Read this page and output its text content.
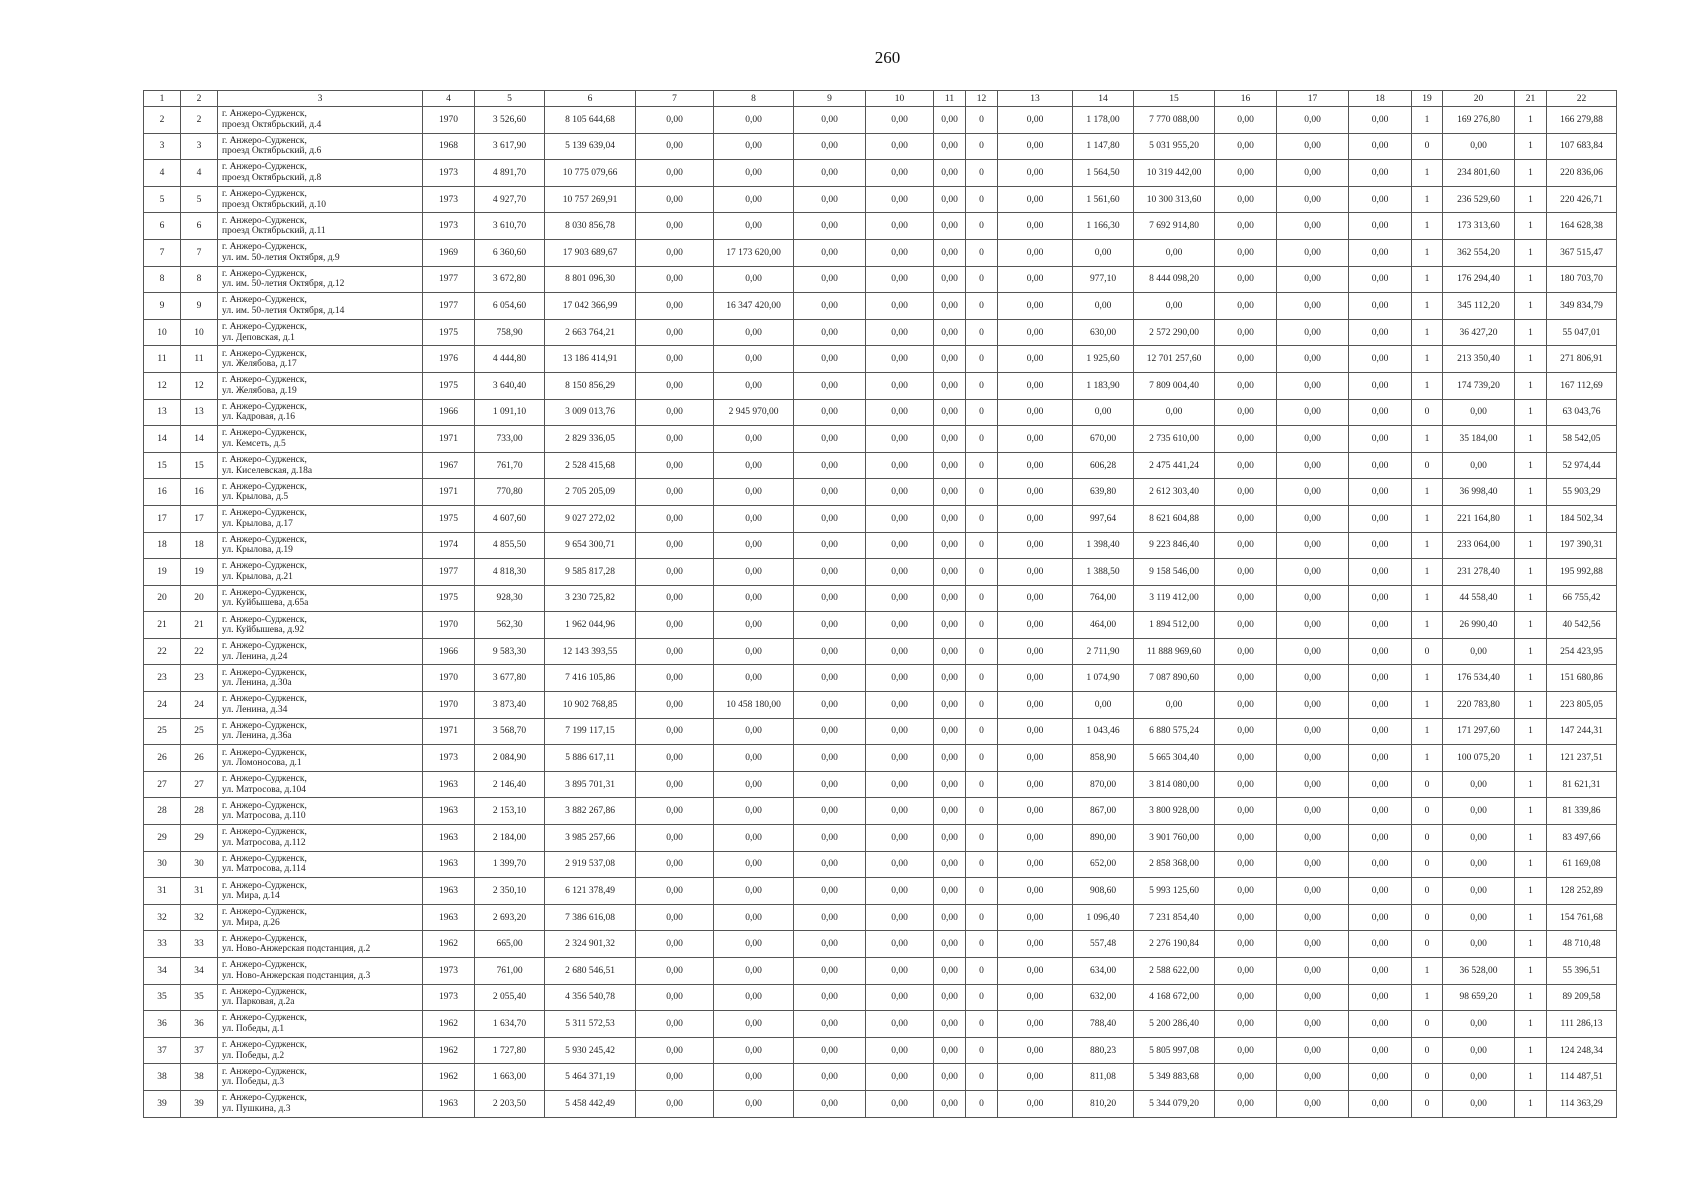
260
1	2	3	4	5	6	7	8	9	10	11	12	13	14	15	16	17	18	19	20	21	22
2	2	г. Анжеро-Судженск,
проезд Октябрьский, д.4	1970	3 526,60	8 105 644,68	0,00	0,00	0,00	0,00	0,00	0	0,00	1 178,00	7 770 088,00	0,00	0,00	0,00	1	169 276,80	1	166 279,88
3	3	г. Анжеро-Судженск,
проезд Октябрьский, д.6	1968	3 617,90	5 139 639,04	0,00	0,00	0,00	0,00	0,00	0	0,00	1 147,80	5 031 955,20	0,00	0,00	0,00	0	0,00	1	107 683,84
4	4	г. Анжеро-Судженск,
проезд Октябрьский, д.8	1973	4 891,70	10 775 079,66	0,00	0,00	0,00	0,00	0,00	0	0,00	1 564,50	10 319 442,00	0,00	0,00	0,00	1	234 801,60	1	220 836,06
5	5	г. Анжеро-Судженск,
проезд Октябрьский, д.10	1973	4 927,70	10 757 269,91	0,00	0,00	0,00	0,00	0,00	0	0,00	1 561,60	10 300 313,60	0,00	0,00	0,00	1	236 529,60	1	220 426,71
6	6	г. Анжеро-Судженск,
проезд Октябрьский, д.11	1973	3 610,70	8 030 856,78	0,00	0,00	0,00	0,00	0,00	0	0,00	1 166,30	7 692 914,80	0,00	0,00	0,00	1	173 313,60	1	164 628,38
7	7	г. Анжеро-Судженск,
ул. им. 50-летия Октября, д.9	1969	6 360,60	17 903 689,67	0,00	17 173 620,00	0,00	0,00	0,00	0	0,00	0,00	0,00	0,00	0,00	0,00	1	362 554,20	1	367 515,47
8	8	г. Анжеро-Судженск,
ул. им. 50-летия Октября, д.12	1977	3 672,80	8 801 096,30	0,00	0,00	0,00	0,00	0,00	0	0,00	977,10	8 444 098,20	0,00	0,00	0,00	1	176 294,40	1	180 703,70
9	9	г. Анжеро-Судженск,
ул. им. 50-летия Октября, д.14	1977	6 054,60	17 042 366,99	0,00	16 347 420,00	0,00	0,00	0,00	0	0,00	0,00	0,00	0,00	0,00	0,00	1	345 112,20	1	349 834,79
10	10	г. Анжеро-Судженск,
ул. Деповская, д.1	1975	758,90	2 663 764,21	0,00	0,00	0,00	0,00	0,00	0	0,00	630,00	2 572 290,00	0,00	0,00	0,00	1	36 427,20	1	55 047,01
11	11	г. Анжеро-Судженск,
ул. Желябова, д.17	1976	4 444,80	13 186 414,91	0,00	0,00	0,00	0,00	0,00	0	0,00	1 925,60	12 701 257,60	0,00	0,00	0,00	1	213 350,40	1	271 806,91
12	12	г. Анжеро-Судженск,
ул. Желябова, д.19	1975	3 640,40	8 150 856,29	0,00	0,00	0,00	0,00	0,00	0	0,00	1 183,90	7 809 004,40	0,00	0,00	0,00	1	174 739,20	1	167 112,69
13	13	г. Анжеро-Судженск,
ул. Кадровая, д.16	1966	1 091,10	3 009 013,76	0,00	2 945 970,00	0,00	0,00	0,00	0	0,00	0,00	0,00	0,00	0,00	0,00	0	0,00	1	63 043,76
14	14	г. Анжеро-Судженск,
ул. Кемсеть, д.5	1971	733,00	2 829 336,05	0,00	0,00	0,00	0,00	0,00	0	0,00	670,00	2 735 610,00	0,00	0,00	0,00	1	35 184,00	1	58 542,05
15	15	г. Анжеро-Судженск,
ул. Киселевская, д.18а	1967	761,70	2 528 415,68	0,00	0,00	0,00	0,00	0,00	0	0,00	606,28	2 475 441,24	0,00	0,00	0,00	0	0,00	1	52 974,44
16	16	г. Анжеро-Судженск,
ул. Крылова, д.5	1971	770,80	2 705 205,09	0,00	0,00	0,00	0,00	0,00	0	0,00	639,80	2 612 303,40	0,00	0,00	0,00	1	36 998,40	1	55 903,29
17	17	г. Анжеро-Судженск,
ул. Крылова, д.17	1975	4 607,60	9 027 272,02	0,00	0,00	0,00	0,00	0,00	0	0,00	997,64	8 621 604,88	0,00	0,00	0,00	1	221 164,80	1	184 502,34
18	18	г. Анжеро-Судженск,
ул. Крылова, д.19	1974	4 855,50	9 654 300,71	0,00	0,00	0,00	0,00	0,00	0	0,00	1 398,40	9 223 846,40	0,00	0,00	0,00	1	233 064,00	1	197 390,31
19	19	г. Анжеро-Судженск,
ул. Крылова, д.21	1977	4 818,30	9 585 817,28	0,00	0,00	0,00	0,00	0,00	0	0,00	1 388,50	9 158 546,00	0,00	0,00	0,00	1	231 278,40	1	195 992,88
20	20	г. Анжеро-Судженск,
ул. Куйбышева, д.65а	1975	928,30	3 230 725,82	0,00	0,00	0,00	0,00	0,00	0	0,00	764,00	3 119 412,00	0,00	0,00	0,00	1	44 558,40	1	66 755,42
21	21	г. Анжеро-Судженск,
ул. Куйбышева, д.92	1970	562,30	1 962 044,96	0,00	0,00	0,00	0,00	0,00	0	0,00	464,00	1 894 512,00	0,00	0,00	0,00	1	26 990,40	1	40 542,56
22	22	г. Анжеро-Судженск,
ул. Ленина, д.24	1966	9 583,30	12 143 393,55	0,00	0,00	0,00	0,00	0,00	0	0,00	2 711,90	11 888 969,60	0,00	0,00	0,00	0	0,00	1	254 423,95
23	23	г. Анжеро-Судженск,
ул. Ленина, д.30а	1970	3 677,80	7 416 105,86	0,00	0,00	0,00	0,00	0,00	0	0,00	1 074,90	7 087 890,60	0,00	0,00	0,00	1	176 534,40	1	151 680,86
24	24	г. Анжеро-Судженск,
ул. Ленина, д.34	1970	3 873,40	10 902 768,85	0,00	10 458 180,00	0,00	0,00	0,00	0	0,00	0,00	0,00	0,00	0,00	0,00	1	220 783,80	1	223 805,05
25	25	г. Анжеро-Судженск,
ул. Ленина, д.36а	1971	3 568,70	7 199 117,15	0,00	0,00	0,00	0,00	0,00	0	0,00	1 043,46	6 880 575,24	0,00	0,00	0,00	1	171 297,60	1	147 244,31
26	26	г. Анжеро-Судженск,
ул. Ломоносова, д.1	1973	2 084,90	5 886 617,11	0,00	0,00	0,00	0,00	0,00	0	0,00	858,90	5 665 304,40	0,00	0,00	0,00	1	100 075,20	1	121 237,51
27	27	г. Анжеро-Судженск,
ул. Матросова, д.104	1963	2 146,40	3 895 701,31	0,00	0,00	0,00	0,00	0,00	0	0,00	870,00	3 814 080,00	0,00	0,00	0,00	0	0,00	1	81 621,31
28	28	г. Анжеро-Судженск,
ул. Матросова, д.110	1963	2 153,10	3 882 267,86	0,00	0,00	0,00	0,00	0,00	0	0,00	867,00	3 800 928,00	0,00	0,00	0,00	0	0,00	1	81 339,86
29	29	г. Анжеро-Судженск,
ул. Матросова, д.112	1963	2 184,00	3 985 257,66	0,00	0,00	0,00	0,00	0,00	0	0,00	890,00	3 901 760,00	0,00	0,00	0,00	0	0,00	1	83 497,66
30	30	г. Анжеро-Судженск,
ул. Матросова, д.114	1963	1 399,70	2 919 537,08	0,00	0,00	0,00	0,00	0,00	0	0,00	652,00	2 858 368,00	0,00	0,00	0,00	0	0,00	1	61 169,08
31	31	г. Анжеро-Судженск,
ул. Мира, д.14	1963	2 350,10	6 121 378,49	0,00	0,00	0,00	0,00	0,00	0	0,00	908,60	5 993 125,60	0,00	0,00	0,00	0	0,00	1	128 252,89
32	32	г. Анжеро-Судженск,
ул. Мира, д.26	1963	2 693,20	7 386 616,08	0,00	0,00	0,00	0,00	0,00	0	0,00	1 096,40	7 231 854,40	0,00	0,00	0,00	0	0,00	1	154 761,68
33	33	г. Анжеро-Судженск,
ул. Ново-Анжерская подстанция, д.2	1962	665,00	2 324 901,32	0,00	0,00	0,00	0,00	0,00	0	0,00	557,48	2 276 190,84	0,00	0,00	0,00	0	0,00	1	48 710,48
34	34	г. Анжеро-Судженск,
ул. Ново-Анжерская подстанция, д.3	1973	761,00	2 680 546,51	0,00	0,00	0,00	0,00	0,00	0	0,00	634,00	2 588 622,00	0,00	0,00	0,00	1	36 528,00	1	55 396,51
35	35	г. Анжеро-Судженск,
ул. Парковая, д.2а	1973	2 055,40	4 356 540,78	0,00	0,00	0,00	0,00	0,00	0	0,00	632,00	4 168 672,00	0,00	0,00	0,00	1	98 659,20	1	89 209,58
36	36	г. Анжеро-Судженск,
ул. Победы, д.1	1962	1 634,70	5 311 572,53	0,00	0,00	0,00	0,00	0,00	0	0,00	788,40	5 200 286,40	0,00	0,00	0,00	0	0,00	1	111 286,13
37	37	г. Анжеро-Судженск,
ул. Победы, д.2	1962	1 727,80	5 930 245,42	0,00	0,00	0,00	0,00	0,00	0	0,00	880,23	5 805 997,08	0,00	0,00	0,00	0	0,00	1	124 248,34
38	38	г. Анжеро-Судженск,
ул. Победы, д.3	1962	1 663,00	5 464 371,19	0,00	0,00	0,00	0,00	0,00	0	0,00	811,08	5 349 883,68	0,00	0,00	0,00	0	0,00	1	114 487,51
39	39	г. Анжеро-Судженск,
ул. Пушкина, д.3	1963	2 203,50	5 458 442,49	0,00	0,00	0,00	0,00	0,00	0	0,00	810,20	5 344 079,20	0,00	0,00	0,00	0	0,00	1	114 363,29
